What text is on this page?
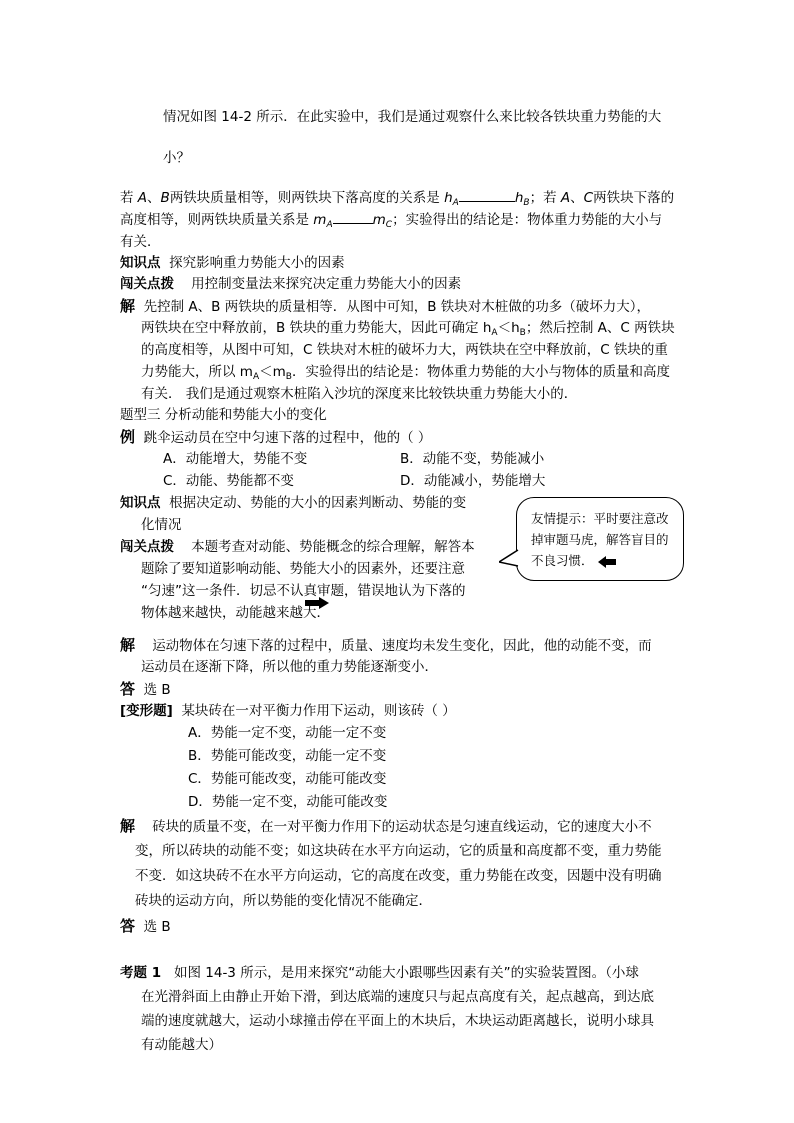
情况如图 14-2 所示．在此实验中，我们是通过观察什么来比较各铁块重力势能的大
小？
若 A、B两铁块质量相等，则两铁块下落高度的关系是 $h_A$	$h_B$；若 A、C两铁块下落的
高度相等，则两铁块质量关系是 $m_A$	$m_C$；实验得出的结论是：物体重力势能的大小与
有关．
知识点 探究影响重力势能大小的因素
闯关点拨 用控制变量法来探究决定重力势能大小的因素
解 先控制 A、B 两铁块的质量相等．从图中可知，B 铁块对木桩做的功多（破坏力大），
两铁块在空中释放前，B 铁块的重力势能大，因此可确定 $h_A<h_B$；然后控制 A、C 两铁块
的高度相等，从图中可知，C 铁块对木桩的破坏力大，两铁块在空中释放前，C 铁块的重
力势能大，所以 $m_A<m_B$．实验得出的结论是：物体重力势能的大小与物体的质量和高度
有关． 我们是通过观察木桩陷入沙坑的深度来比较铁块重力势能大小的．
题型三 分析动能和势能大小的变化
例 跳伞运动员在空中匀速下落的过程中，他的（ ）
A．动能增大，势能不变	B．动能不变，势能减小
C．动能、势能都不变	D．动能减小，势能增大
知识点 根据决定动、势能的大小的因素判断动、势能的变
化情况
闯关点拨 本题考查对动能、势能概念的综合理解，解答本
题除了要知道影响动能、势能大小的因素外，还要注意
“匀速”这一条件．切忌不认真审题，错误地认为下落的
物体越来越快，动能越来越大．
友情提示：平时要注意改
掉审题马虎，解答盲目的
不良习惯．
解 运动物体在匀速下落的过程中，质量、速度均未发生变化，因此，他的动能不变，而
运动员在逐渐下降，所以他的重力势能逐渐变小．
答 选 B
[变形题] 某块砖在一对平衡力作用下运动，则该砖（ ）
A．势能一定不变，动能一定不变
B．势能可能改变，动能一定不变
C．势能可能改变，动能可能改变
D．势能一定不变，动能可能改变
解 砖块的质量不变，在一对平衡力作用下的运动状态是匀速直线运动，它的速度大小不
变，所以砖块的动能不变；如这块砖在水平方向运动，它的质量和高度都不变，重力势能
不变．如这块砖不在水平方向运动，它的高度在改变，重力势能在改变，因题中没有明确
砖块的运动方向，所以势能的变化情况不能确定．
答 选 B
考题 1 如图 14-3 所示，是用来探究“动能大小跟哪些因素有关”的实验装置图。（小球
在光滑斜面上由静止开始下滑，到达底端的速度只与起点高度有关，起点越高，到达底
端的速度就越大，运动小球撞击停在平面上的木块后，木块运动距离越长，说明小球具
有动能越大）
